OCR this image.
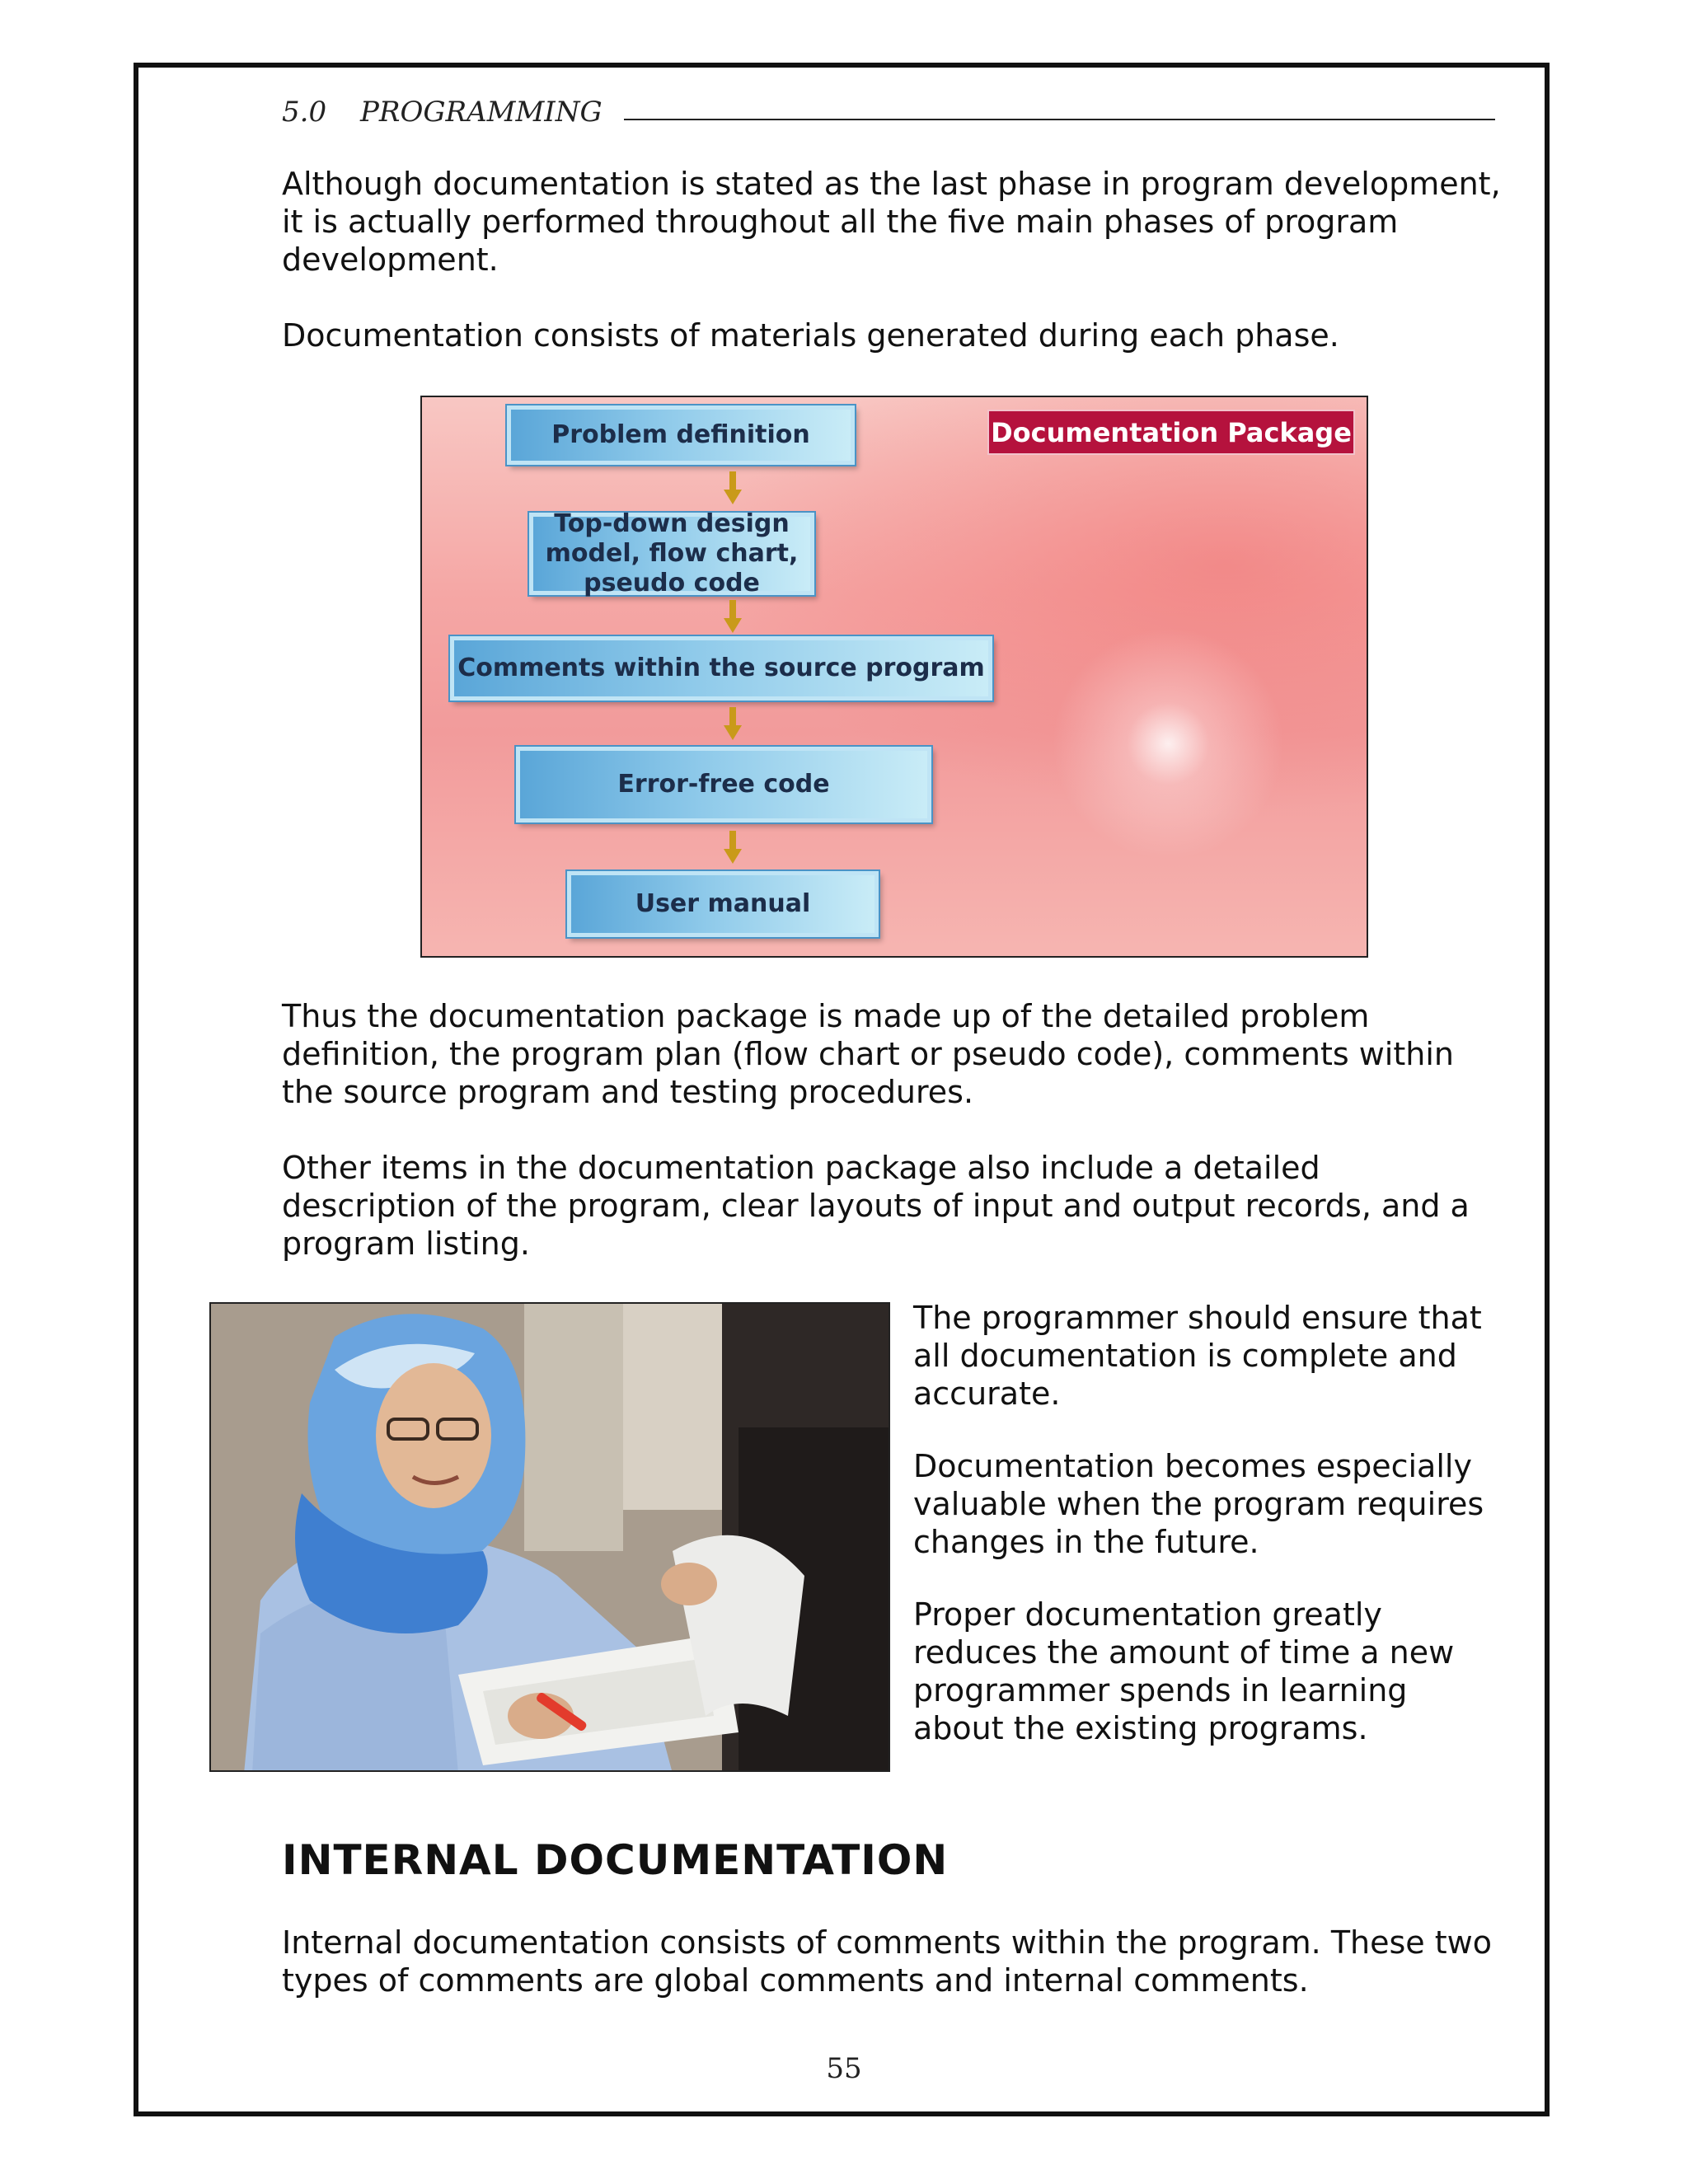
5.0	PROGRAMMING

Although documentation is stated as the last phase in program development, it is actually performed throughout all the five main phases of program development.

Documentation consists of materials generated during each phase.

Problem definition
Top-down design model, flow chart, pseudo code
Comments within the source program
Error-free code
User manual
Documentation Package

Thus the documentation package is made up of the detailed problem definition, the program plan (flow chart or pseudo code), comments within the source program and testing procedures.

Other items in the documentation package also include a detailed description of the program, clear layouts of input and output records, and a program listing.

The programmer should ensure that all documentation is complete and accurate.

Documentation becomes especially valuable when the program requires changes in the future.

Proper documentation greatly reduces the amount of time a new programmer spends in learning about the existing programs.

INTERNAL DOCUMENTATION

Internal documentation consists of comments within the program. These two types of comments are global comments and internal comments.

55
